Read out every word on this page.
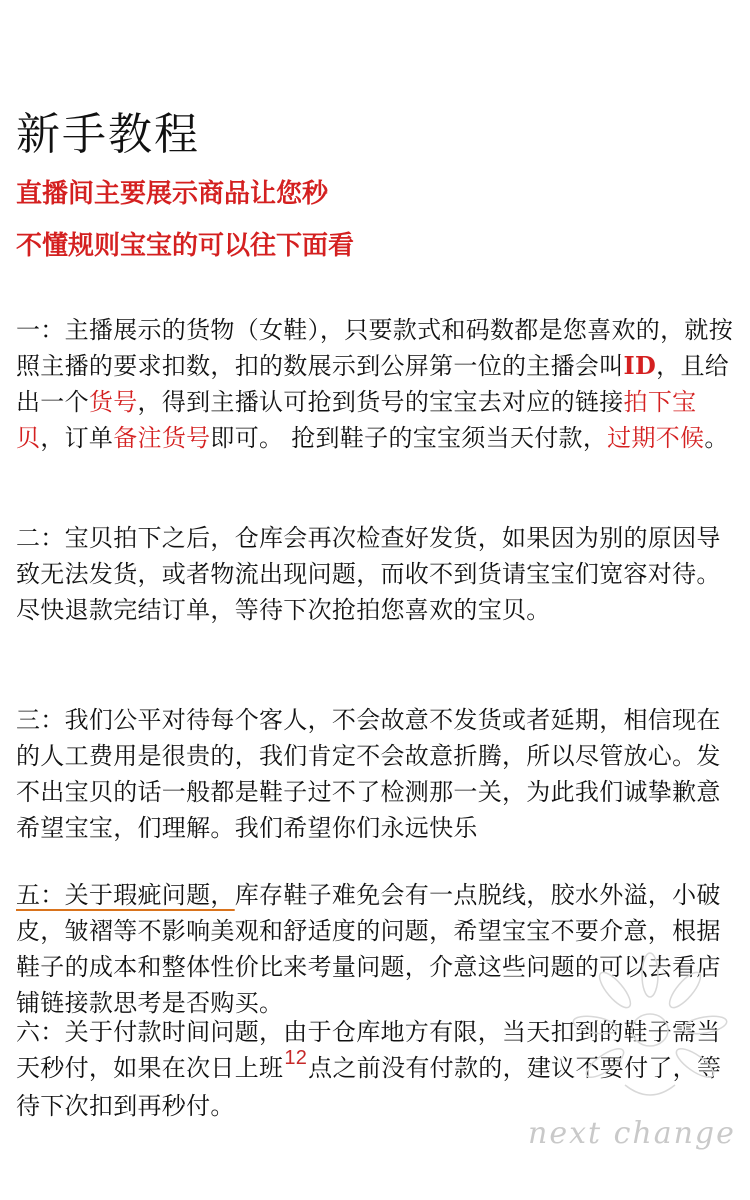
新手教程

直播间主要展示商品让您秒

不懂规则宝宝的可以往下面看

一：主播展示的货物（女鞋），只要款式和码数都是您喜欢的，就按照主播的要求扣数，扣的数展示到公屏第一位的主播会叫ID，且给出一个货号，得到主播认可抢到货号的宝宝去对应的链接拍下宝贝，订单备注货号即可。 抢到鞋子的宝宝须当天付款，过期不候。

二：宝贝拍下之后，仓库会再次检查好发货，如果因为别的原因导致无法发货，或者物流出现问题，而收不到货请宝宝们宽容对待。尽快退款完结订单，等待下次抢拍您喜欢的宝贝。

三：我们公平对待每个客人，不会故意不发货或者延期，相信现在的人工费用是很贵的，我们肯定不会故意折腾，所以尽管放心。发不出宝贝的话一般都是鞋子过不了检测那一关，为此我们诚挚歉意希望宝宝，们理解。我们希望你们永远快乐

五：关于瑕疵问题，库存鞋子难免会有一点脱线，胶水外溢，小破皮，皱褶等不影响美观和舒适度的问题，希望宝宝不要介意，根据鞋子的成本和整体性价比来考量问题，介意这些问题的可以去看店铺链接款思考是否购买。

六：关于付款时间问题，由于仓库地方有限，当天扣到的鞋子需当天秒付，如果在次日上班$^{12}$点之前没有付款的，建议不要付了，等待下次扣到再秒付。

next change
